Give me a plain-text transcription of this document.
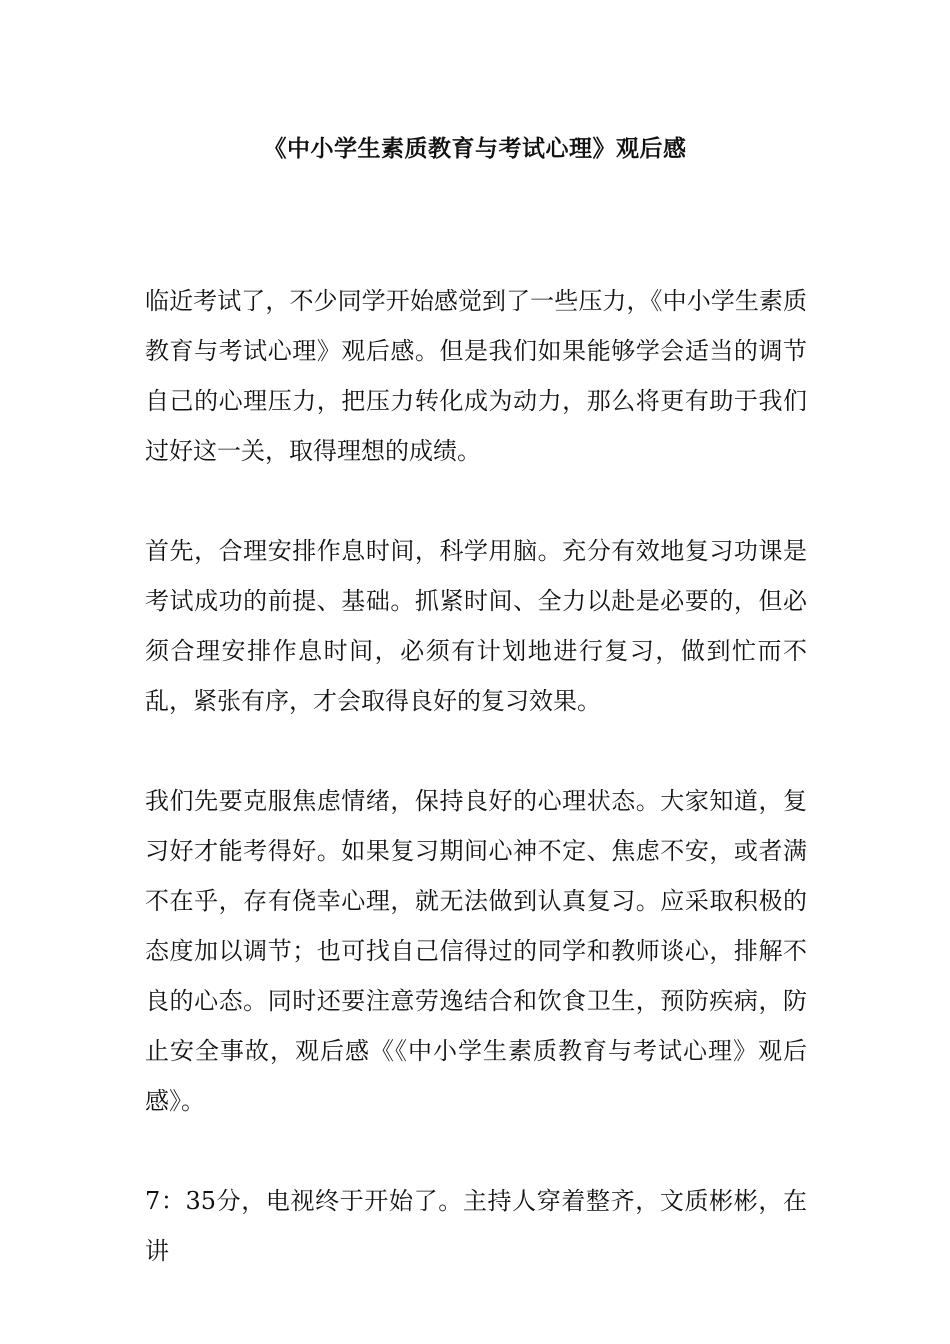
《中小学生素质教育与考试心理》观后感

临近考试了，不少同学开始感觉到了一些压力，《中小学生素质教育与考试心理》观后感。但是我们如果能够学会适当的调节自己的心理压力，把压力转化成为动力，那么将更有助于我们过好这一关，取得理想的成绩。

首先，合理安排作息时间，科学用脑。充分有效地复习功课是考试成功的前提、基础。抓紧时间、全力以赴是必要的，但必须合理安排作息时间，必须有计划地进行复习，做到忙而不乱，紧张有序，才会取得良好的复习效果。

我们先要克服焦虑情绪，保持良好的心理状态。大家知道，复习好才能考得好。如果复习期间心神不定、焦虑不安，或者满不在乎，存有侥幸心理，就无法做到认真复习。应采取积极的态度加以调节；也可找自己信得过的同学和教师谈心，排解不良的心态。同时还要注意劳逸结合和饮食卫生，预防疾病，防止安全事故，观后感《《中小学生素质教育与考试心理》观后感》。

7：35分，电视终于开始了。主持人穿着整齐，文质彬彬，在讲
